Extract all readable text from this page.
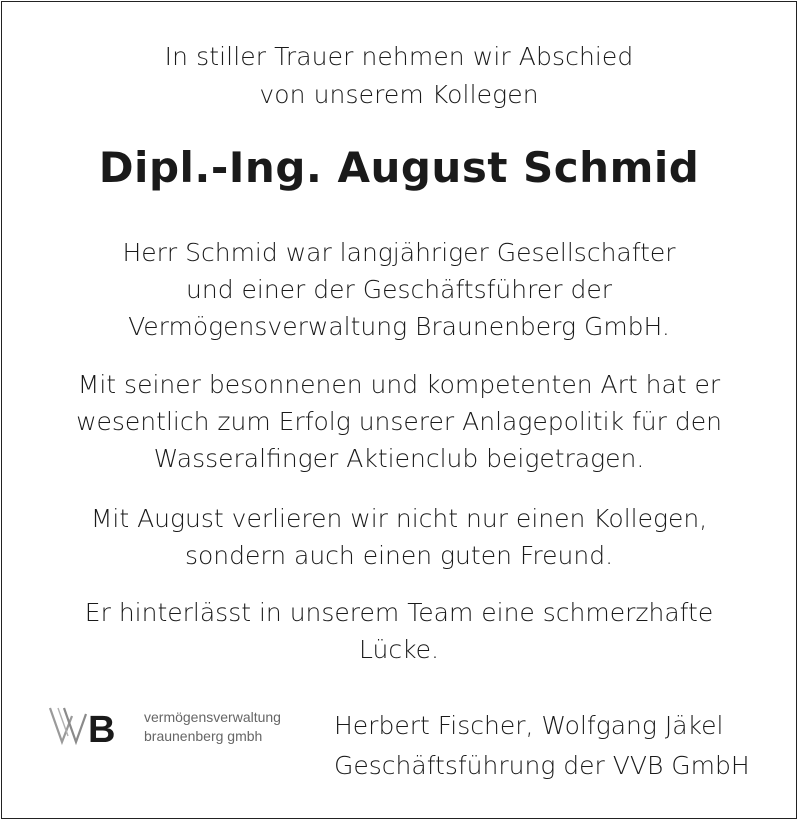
In stiller Trauer nehmen wir Abschied
von unserem Kollegen
Dipl.-Ing. August Schmid
Herr Schmid war langjähriger Gesellschafter
und einer der Geschäftsführer der
Vermögensverwaltung Braunenberg GmbH.
Mit seiner besonnenen und kompetenten Art hat er
wesentlich zum Erfolg unserer Anlagepolitik für den
Wasseralfinger Aktienclub beigetragen.
Mit August verlieren wir nicht nur einen Kollegen,
sondern auch einen guten Freund.
Er hinterlässt in unserem Team eine schmerzhafte
Lücke.
B vermögensverwaltung
braunenberg gmbh	Herbert Fischer, Wolfgang Jäkel
Geschäftsführung der VVB GmbH
